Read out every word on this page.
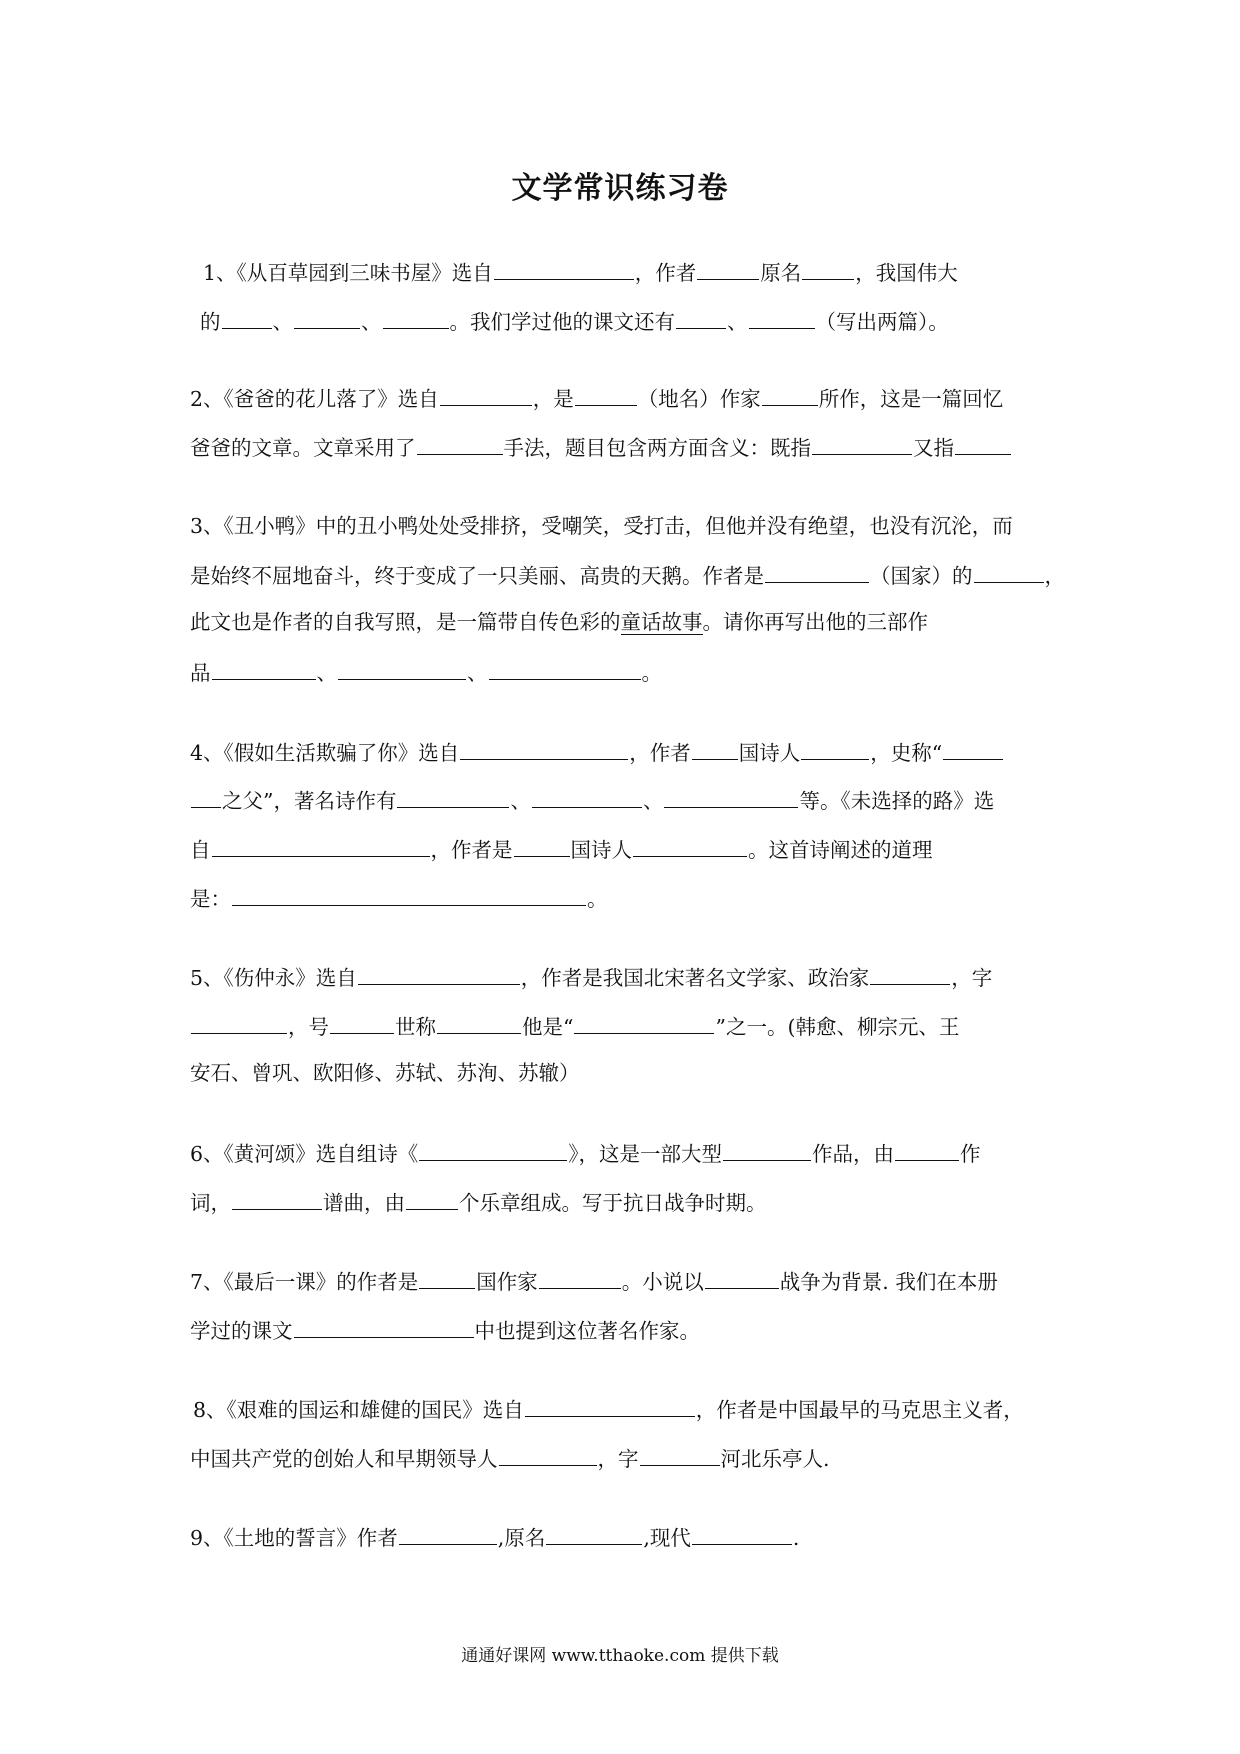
文学常识练习卷
1、《从百草园到三味书屋》选自	，作者	原名	，我国伟大
的	、	、	。我们学过他的课文还有	、	（写出两篇）。
2、《爸爸的花儿落了》选自	，是	（地名）作家	所作，这是一篇回忆
爸爸的文章。文章采用了	手法，题目包含两方面含义：既指	又指
3、《丑小鸭》中的丑小鸭处处受排挤，受嘲笑，受打击，但他并没有绝望，也没有沉沦，而
是始终不屈地奋斗，终于变成了一只美丽、高贵的天鹅。作者是	（国家）的	，
此文也是作者的自我写照，是一篇带自传色彩的童话故事。请你再写出他的三部作
品	、	、	。
4、《假如生活欺骗了你》选自	，作者 国诗人	，史称“
之父”，著名诗作有	、	、	等。《未选择的路》选
自	，作者是	国诗人	。这首诗阐述的道理
是：	。
5、《伤仲永》选自	，作者是我国北宋著名文学家、政治家	，字
，号	世称	他是“	”之一。(韩愈、柳宗元、王
安石、曾巩、欧阳修、苏轼、苏洵、苏辙）
6、《黄河颂》选自组诗《	》，这是一部大型	作品，由	作
词，	谱曲，由	个乐章组成。写于抗日战争时期。
7、《最后一课》的作者是	国作家	。小说以	战争为背景. 我们在本册
学过的课文	中也提到这位著名作家。
8、《艰难的国运和雄健的国民》选自	，作者是中国最早的马克思主义者，
中国共产党的创始人和早期领导人	，字	河北乐亭人.
9、《土地的誓言》作者	,原名	,现代	.
通通好课网 www.tthaoke.com 提供下载
